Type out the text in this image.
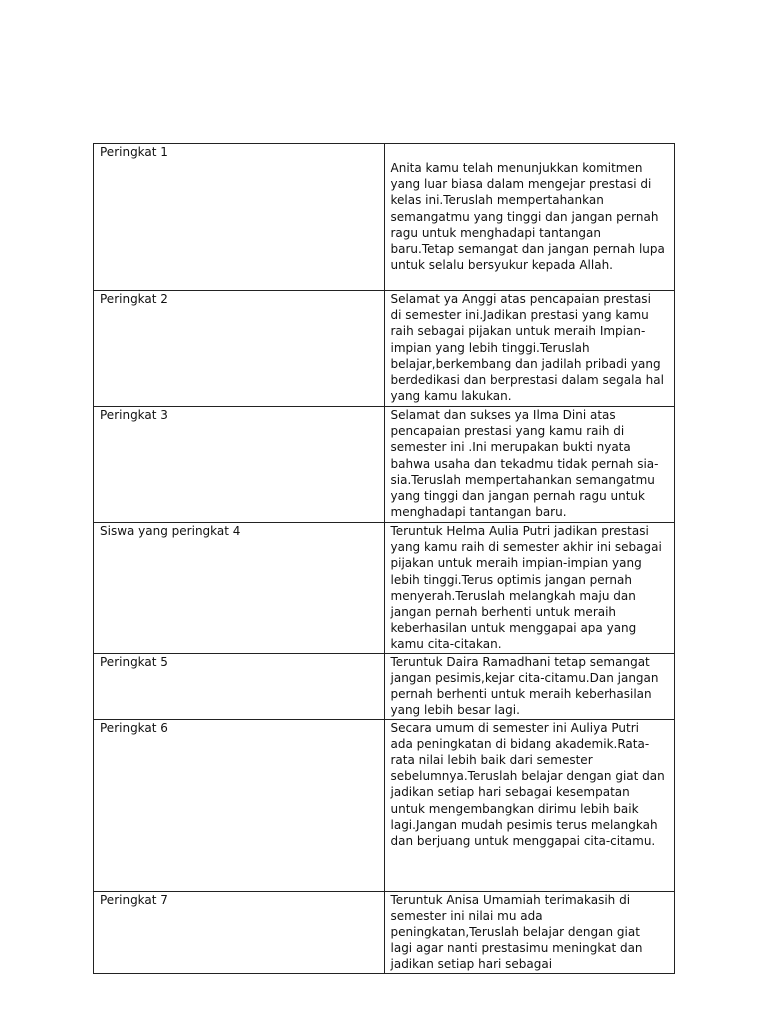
Peringkat 1	Anita kamu telah menunjukkan komitmen yang luar biasa dalam mengejar prestasi di kelas ini.Teruslah mempertahankan semangatmu yang tinggi dan jangan pernah ragu untuk menghadapi tantangan baru.Tetap semangat dan jangan pernah lupa untuk selalu bersyukur kepada Allah.
Peringkat 2	Selamat ya Anggi atas pencapaian prestasi di semester ini.Jadikan prestasi yang kamu raih sebagai pijakan untuk meraih Impian-impian yang lebih tinggi.Teruslah belajar,berkembang dan jadilah pribadi yang berdedikasi dan berprestasi dalam segala hal yang kamu lakukan.
Peringkat 3	Selamat dan sukses ya Ilma Dini atas pencapaian prestasi yang kamu raih di semester ini .Ini merupakan bukti nyata bahwa usaha dan tekadmu tidak pernah sia-sia.Teruslah mempertahankan semangatmu yang tinggi dan jangan pernah ragu untuk menghadapi tantangan baru.
Siswa yang peringkat 4	Teruntuk Helma Aulia Putri jadikan prestasi yang kamu raih di semester akhir ini sebagai pijakan untuk meraih impian-impian yang lebih tinggi.Terus optimis jangan pernah menyerah.Teruslah melangkah maju dan jangan pernah berhenti untuk meraih keberhasilan untuk menggapai apa yang kamu cita-citakan.
Peringkat 5	Teruntuk Daira Ramadhani tetap semangat jangan pesimis,kejar cita-citamu.Dan jangan pernah berhenti untuk meraih keberhasilan yang lebih besar lagi.
Peringkat 6	Secara umum di semester ini Auliya Putri ada peningkatan di bidang akademik.Rata-rata nilai lebih baik dari semester sebelumnya.Teruslah belajar dengan giat dan jadikan setiap hari sebagai kesempatan untuk mengembangkan dirimu lebih baik lagi.Jangan mudah pesimis terus melangkah dan berjuang untuk menggapai cita-citamu.
Peringkat 7	Teruntuk Anisa Umamiah terimakasih di semester ini nilai mu ada peningkatan,Teruslah belajar dengan giat lagi agar nanti prestasimu meningkat dan jadikan setiap hari sebagai
